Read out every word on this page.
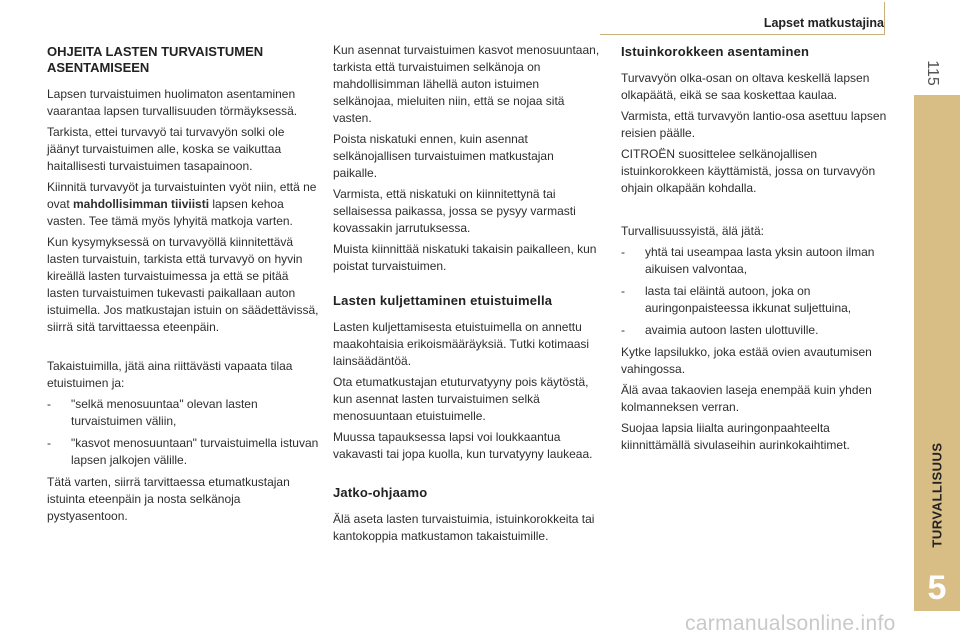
Lapset matkustajina
115
TURVALLISUUS
5
OHJEITA LASTEN TURVAISTUMEN
ASENTAMISEEN

Lapsen turvaistuimen huolimaton asentaminen vaarantaa lapsen turvallisuuden törmäyksessä.

Tarkista, ettei turvavyö tai turvavyön solki ole jäänyt turvaistuimen alle, koska se vaikuttaa haitallisesti turvaistuimen tasapainoon.

Kiinnitä turvavyöt ja turvaistuinten vyöt niin, että ne ovat mahdollisimman tiiviisti lapsen kehoa vasten. Tee tämä myös lyhyitä matkoja varten.

Kun kysymyksessä on turvavyöllä kiinnitettävä lasten turvaistuin, tarkista että turvavyö on hyvin kireällä lasten turvaistuimessa ja että se pitää lasten turvaistuimen tukevasti paikallaan auton istuimella. Jos matkustajan istuin on säädettävissä, siirrä sitä tarvittaessa eteenpäin.

Takaistuimilla, jätä aina riittävästi vapaata tilaa etuistuimen ja:

- "selkä menosuuntaa" olevan lasten turvaistuimen väliin,
- "kasvot menosuuntaan" turvaistuimella istuvan lapsen jalkojen välille.

Tätä varten, siirrä tarvittaessa etumatkustajan istuinta eteenpäin ja nosta selkänoja pystyasentoon.

Kun asennat turvaistuimen kasvot menosuuntaan, tarkista että turvaistuimen selkänoja on mahdollisimman lähellä auton istuimen selkänojaa, mieluiten niin, että se nojaa sitä vasten.

Poista niskatuki ennen, kuin asennat selkänojallisen turvaistuimen matkustajan paikalle.

Varmista, että niskatuki on kiinnitettynä tai sellaisessa paikassa, jossa se pysyy varmasti kovassakin jarrutuksessa.

Muista kiinnittää niskatuki takaisin paikalleen, kun poistat turvaistuimen.

Lasten kuljettaminen etuistuimella

Lasten kuljettamisesta etuistuimella on annettu maakohtaisia erikoismääräyksiä. Tutki kotimaasi lainsäädäntöä.

Ota etumatkustajan etuturvatyyny pois käytöstä, kun asennat lasten turvaistuimen selkä menosuuntaan etuistuimelle.

Muussa tapauksessa lapsi voi loukkaantua vakavasti tai jopa kuolla, kun turvatyyny laukeaa.

Jatko-ohjaamo

Älä aseta lasten turvaistuimia, istuinkorokkeita tai kantokoppia matkustamon takaistuimille.

Istuinkorokkeen asentaminen

Turvavyön olka-osan on oltava keskellä lapsen olkapäätä, eikä se saa koskettaa kaulaa.

Varmista, että turvavyön lantio-osa asettuu lapsen reisien päälle.

CITROËN suosittelee selkänojallisen istuinkorokkeen käyttämistä, jossa on turvavyön ohjain olkapään kohdalla.

Turvallisuussyistä, älä jätä:

- yhtä tai useampaa lasta yksin autoon ilman aikuisen valvontaa,
- lasta tai eläintä autoon, joka on auringonpaisteessa ikkunat suljettuina,
- avaimia autoon lasten ulottuville.

Kytke lapsilukko, joka estää ovien avautumisen vahingossa.

Älä avaa takaovien laseja enempää kuin yhden kolmanneksen verran.

Suojaa lapsia liialta auringonpaahteelta kiinnittämällä sivulaseihin aurinkokaihtimet.

carmanualsonline.info
